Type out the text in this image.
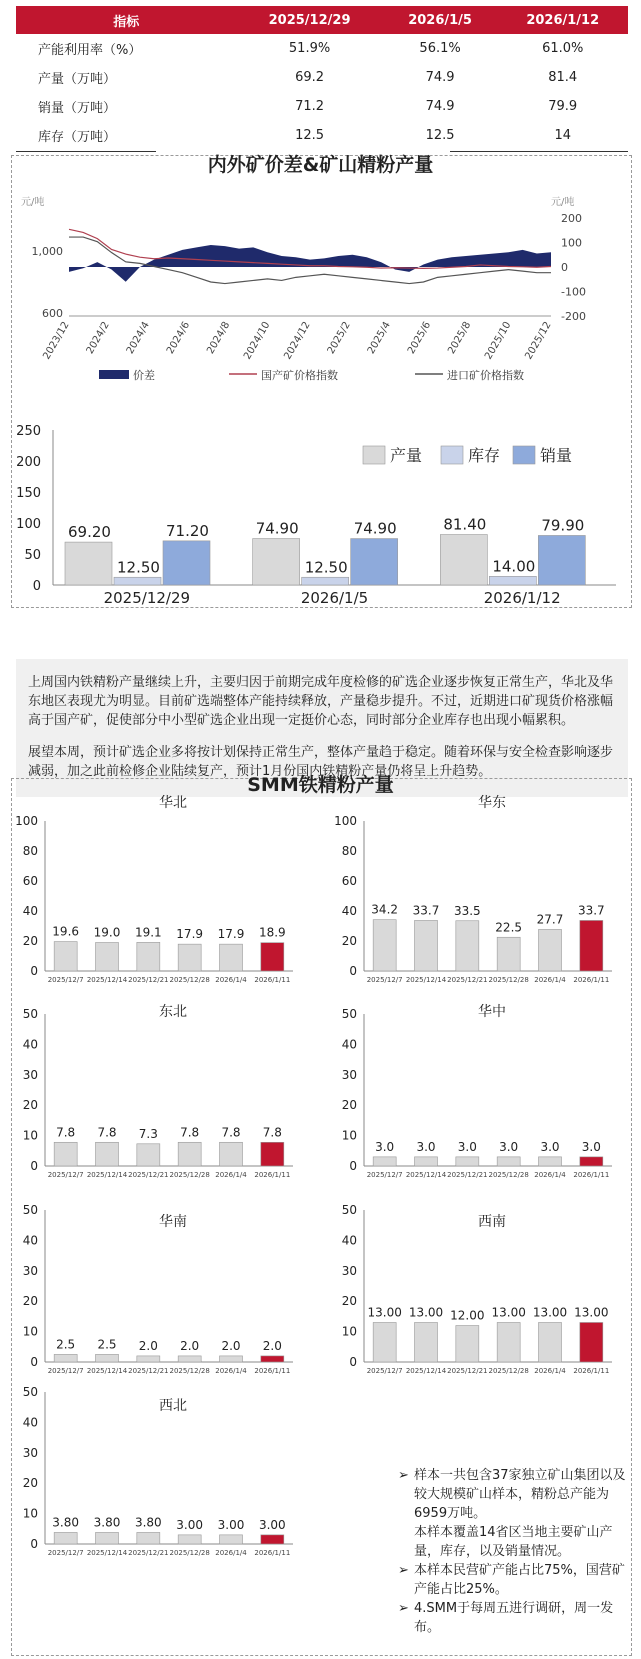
指标	2025/12/29	2026/1/5	2026/1/12
产能利用率（%）	51.9%	56.1%	61.0%
产量（万吨）	69.2	74.9	81.4
销量（万吨）	71.2	74.9	79.9
库存（万吨）	12.5	12.5	14
内外矿价差&矿山精粉产量
元/吨	元/吨
1,000
600
200
100
0
-100
-200
2023/12 2024/2 2024/4 2024/6 2024/8 2024/10 2024/12 2025/2 2025/4 2025/6 2025/8 2025/10 2025/12
价差	国产矿价格指数	进口矿价格指数
250
200
150
100
50
0
69.20
12.50
71.20
2025/12/29
74.90
12.50
74.90
2026/1/5
81.40
14.00
79.90
2026/1/12
产量	库存 销量

上周国内铁精粉产量继续上升，主要归因于前期完成年度检修的矿选企业逐步恢复正常生产，华北及华东地区表现尤为明显。目前矿选端整体产能持续释放，产量稳步提升。不过，近期进口矿现货价格涨幅高于国产矿，促使部分中小型矿选企业出现一定挺价心态，同时部分企业库存也出现小幅累积。

展望本周，预计矿选企业多将按计划保持正常生产，整体产量趋于稳定。随着环保与安全检查影响逐步减弱，加之此前检修企业陆续复产，预计1月份国内铁精粉产量仍将呈上升趋势。

SMM铁精粉产量
华北
100
80
60
40
20
0
19.6
2025/12/7
19.0
2025/12/14
19.1
2025/12/21
17.9
2025/12/28
17.9
2026/1/4
18.9
2026/1/11
华东
100
80
60
40
20
0
34.2
2025/12/7
33.7
2025/12/14
33.5
2025/12/21
22.5
2025/12/28
27.7
2026/1/4
33.7
2026/1/11
东北
50
40
30
20
10
0
7.8
2025/12/7
7.8
2025/12/14
7.3
2025/12/21
7.8
2025/12/28
7.8
2026/1/4
7.8
2026/1/11
华中
50
40
30
20
10
0
3.0
2025/12/7
3.0
2025/12/14
3.0
2025/12/21
3.0
2025/12/28
3.0
2026/1/4
3.0
2026/1/11
华南
50
40
30
20
10
0
2.5
2025/12/7
2.5
2025/12/14
2.0
2025/12/21
2.0
2025/12/28
2.0
2026/1/4
2.0
2026/1/11
西南
50
40
30
20
10
0
13.00
2025/12/7
13.00
2025/12/14
12.00
2025/12/21
13.00
2025/12/28
13.00
2026/1/4
13.00
2026/1/11
西北
50
40
30
20
10
0
3.80
2025/12/7
3.80
2025/12/14
3.80
2025/12/21
3.00
2025/12/28
3.00
2026/1/4
3.00
2026/1/11
➢ 样本一共包含37家独立矿山集团以及较大规模矿山样本，精粉总产能为6959万吨。
本样本覆盖14省区当地主要矿山产量，库存，以及销量情况。
➢ 本样本民营矿产能占比75%，国营矿产能占比25%。
➢ 4.SMM于每周五进行调研，周一发布。
